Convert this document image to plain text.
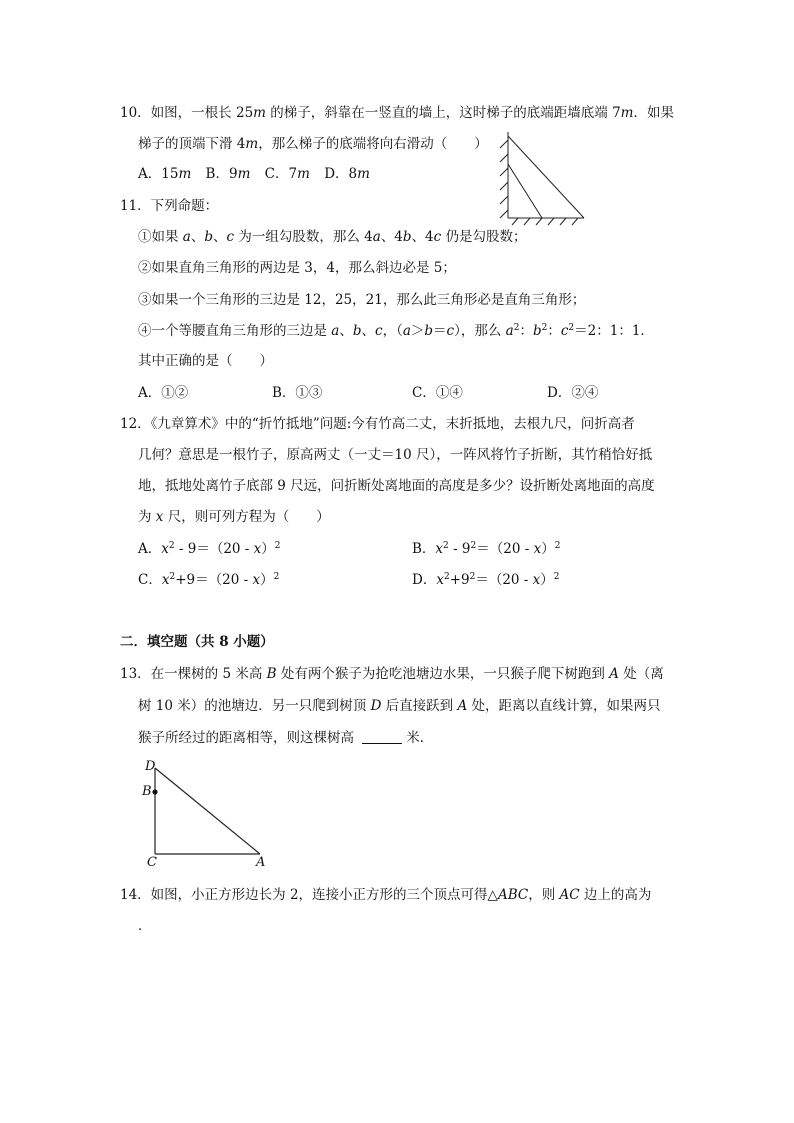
10．如图，一根长 25m 的梯子，斜靠在一竖直的墙上，这时梯子的底端距墙底端 7m．如果
梯子的顶端下滑 4m，那么梯子的底端将向右滑动（　　）
A．15m B．9m C．7m D．8m
11．下列命题：
①如果 a、b、c 为一组勾股数，那么 4a、4b、4c 仍是勾股数；
②如果直角三角形的两边是 3，4，那么斜边必是 5；
③如果一个三角形的三边是 12，25，21，那么此三角形必是直角三角形；
④一个等腰直角三角形的三边是 a、b、c，（a＞b＝c），那么 $a^2$：$b^2$：$c^2=2$：1：1．
其中正确的是（　　）
A．①②	B．①③	C．①④	D．②④
12．《九章算术》中的“折竹抵地”问题:今有竹高二丈，末折抵地，去根九尺，问折高者
几何？意思是一根竹子，原高两丈（一丈＝10 尺），一阵风将竹子折断，其竹稍恰好抵
地，抵地处离竹子底部 9 尺远，问折断处离地面的高度是多少？设折断处离地面的高度
为 x 尺，则可列方程为（　　）
A．$x^2 - 9=(20 - x)^2$	B．$x^2 - 9^2=(20 - x)^2$
C．$x^2+9=(20 - x)^2$	D．$x^2+9^2=(20 - x)^2$
二．填空题（共 8 小题）
13．在一棵树的 5 米高 B 处有两个猴子为抢吃池塘边水果，一只猴子爬下树跑到 A 处（离
树 10 米）的池塘边．另一只爬到树顶 D 后直接跃到 A 处，距离以直线计算，如果两只
猴子所经过的距离相等，则这棵树高	米．
D
B
C	A
14．如图，小正方形边长为 2，连接小正方形的三个顶点可得△ABC，则 AC 边上的高为
．
